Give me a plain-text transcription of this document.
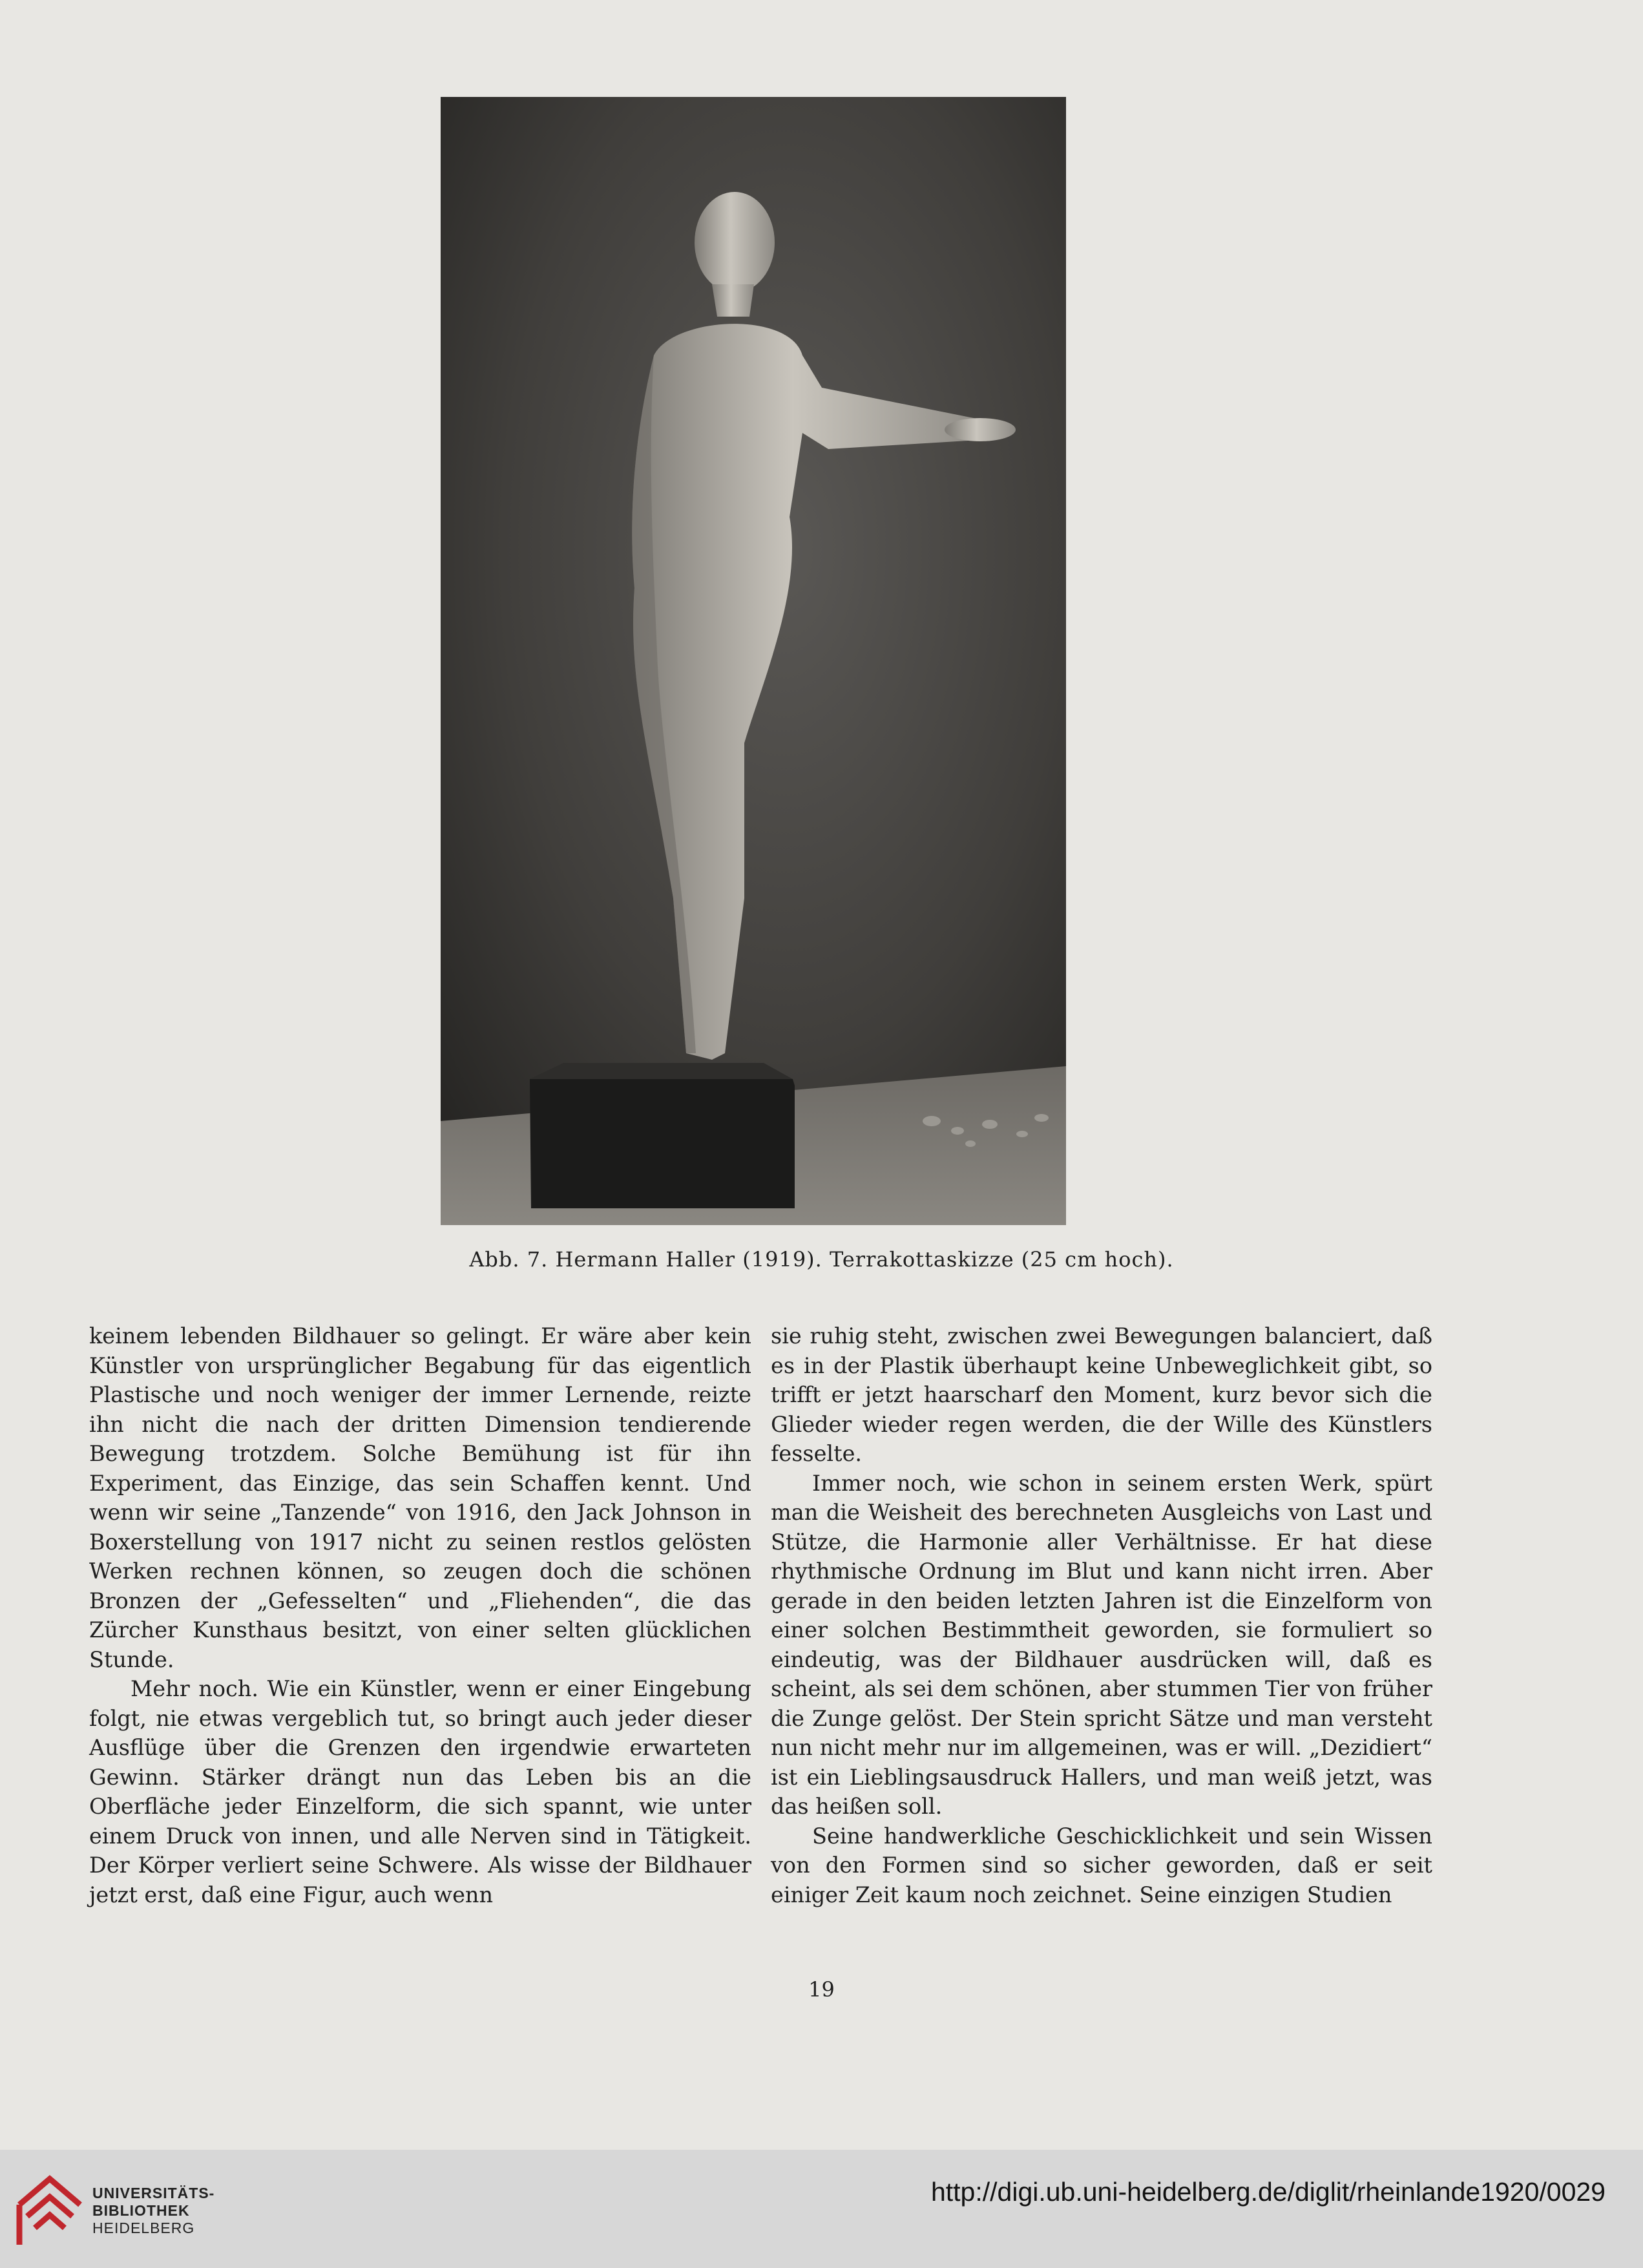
Abb. 7. Hermann Haller (1919). Terrakottaskizze (25 cm hoch).

keinem lebenden Bildhauer so gelingt. Er wäre aber kein Künstler von ursprünglicher Begabung für das eigentlich Plastische und noch weniger der immer Lernende, reizte ihn nicht die nach der dritten Dimension tendierende Bewegung trotzdem. Solche Bemühung ist für ihn Experiment, das Einzige, das sein Schaffen kennt. Und wenn wir seine „Tanzende“ von 1916, den Jack Johnson in Boxerstellung von 1917 nicht zu seinen restlos gelösten Werken rechnen können, so zeugen doch die schönen Bronzen der „Gefesselten“ und „Fliehenden“, die das Zürcher Kunsthaus besitzt, von einer selten glücklichen Stunde.

Mehr noch. Wie ein Künstler, wenn er einer Eingebung folgt, nie etwas vergeblich tut, so bringt auch jeder dieser Ausflüge über die Grenzen den irgendwie erwarteten Gewinn. Stärker drängt nun das Leben bis an die Oberfläche jeder Einzelform, die sich spannt, wie unter einem Druck von innen, und alle Nerven sind in Tätigkeit. Der Körper verliert seine Schwere. Als wisse der Bildhauer jetzt erst, daß eine Figur, auch wenn

sie ruhig steht, zwischen zwei Bewegungen balanciert, daß es in der Plastik überhaupt keine Unbeweglichkeit gibt, so trifft er jetzt haarscharf den Moment, kurz bevor sich die Glieder wieder regen werden, die der Wille des Künstlers fesselte.

Immer noch, wie schon in seinem ersten Werk, spürt man die Weisheit des berechneten Ausgleichs von Last und Stütze, die Harmonie aller Verhältnisse. Er hat diese rhythmische Ordnung im Blut und kann nicht irren. Aber gerade in den beiden letzten Jahren ist die Einzelform von einer solchen Bestimmtheit geworden, sie formuliert so eindeutig, was der Bildhauer ausdrücken will, daß es scheint, als sei dem schönen, aber stummen Tier von früher die Zunge gelöst. Der Stein spricht Sätze und man versteht nun nicht mehr nur im allgemeinen, was er will. „Dezidiert“ ist ein Lieblingsausdruck Hallers, und man weiß jetzt, was das heißen soll.

Seine handwerkliche Geschicklichkeit und sein Wissen von den Formen sind so sicher geworden, daß er seit einiger Zeit kaum noch zeichnet. Seine einzigen Studien

19
UNIVERSITÄTS-
BIBLIOTHEK
HEIDELBERG
http://digi.ub.uni-heidelberg.de/diglit/rheinlande1920/0029
